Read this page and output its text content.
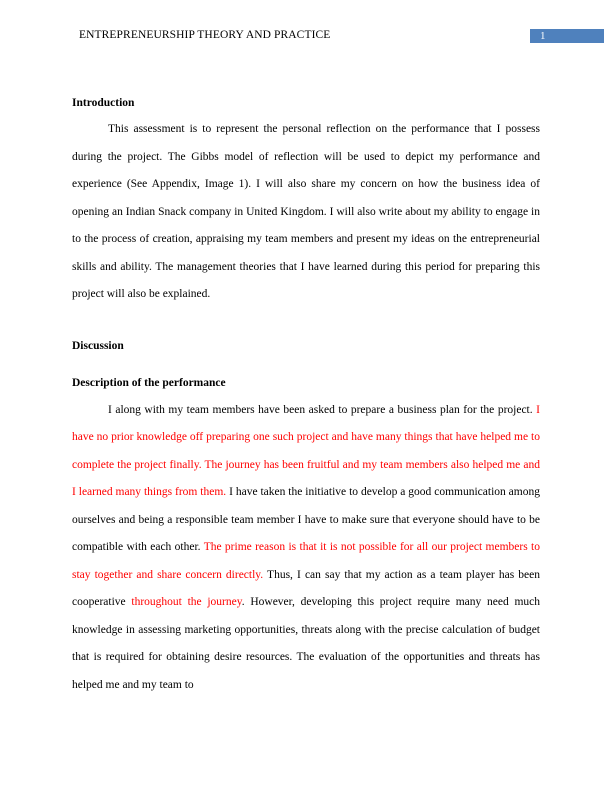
ENTREPRENEURSHIP THEORY AND PRACTICE	1

Introduction

This assessment is to represent the personal reflection on the performance that I possess during the project. The Gibbs model of reflection will be used to depict my performance and experience (See Appendix, Image 1). I will also share my concern on how the business idea of opening an Indian Snack company in United Kingdom. I will also write about my ability to engage in to the process of creation, appraising my team members and present my ideas on the entrepreneurial skills and ability. The management theories that I have learned during this period for preparing this project will also be explained.

Discussion

Description of the performance

I along with my team members have been asked to prepare a business plan for the project. I have no prior knowledge off preparing one such project and have many things that have helped me to complete the project finally. The journey has been fruitful and my team members also helped me and I learned many things from them. I have taken the initiative to develop a good communication among ourselves and being a responsible team member I have to make sure that everyone should have to be compatible with each other. The prime reason is that it is not possible for all our project members to stay together and share concern directly. Thus, I can say that my action as a team player has been cooperative throughout the journey. However, developing this project require many need much knowledge in assessing marketing opportunities, threats along with the precise calculation of budget that is required for obtaining desire resources. The evaluation of the opportunities and threats has helped me and my team to
